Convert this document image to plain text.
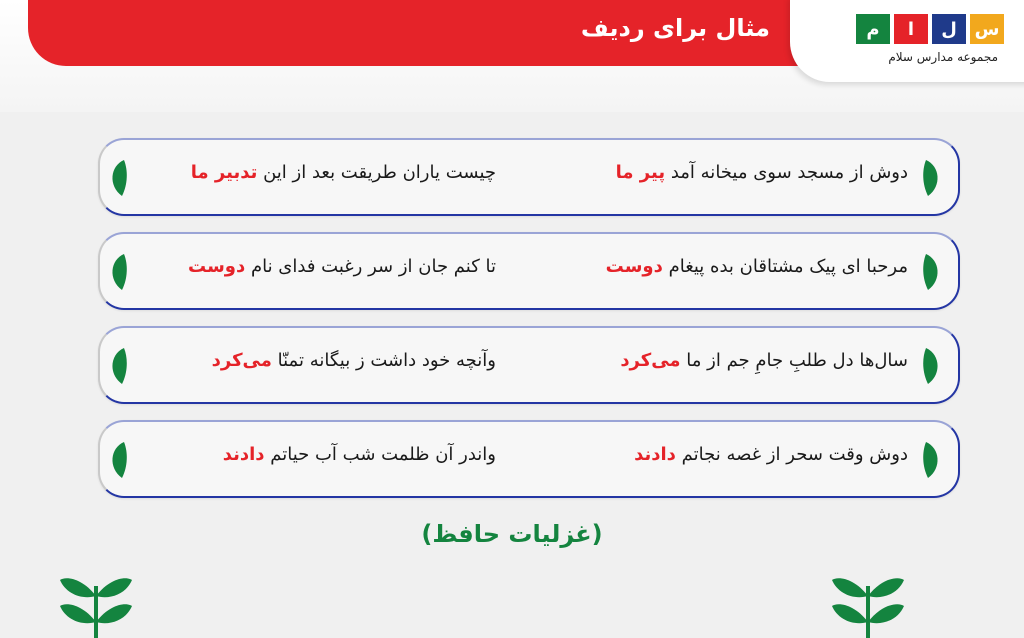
مثال برای ردیف	م	ا	ل س
مجموعه مدارس سلام
دوش از مسجد سوی میخانه آمد پیر ما
چیست یاران طریقت بعد از این تدبیر ما
مرحبا ای پیک مشتاقان بده پیغام دوست
تا کنم جان از سر رغبت فدای نام دوست
سال‌ها دل طلبِ جامِ جم از ما می‌کرد
وآنچه خود داشت ز بیگانه تمنّا می‌کرد
دوش وقت سحر از غصه نجاتم دادند
واندر آن ظلمت شب آب حیاتم دادند
(غزلیات حافظ)
